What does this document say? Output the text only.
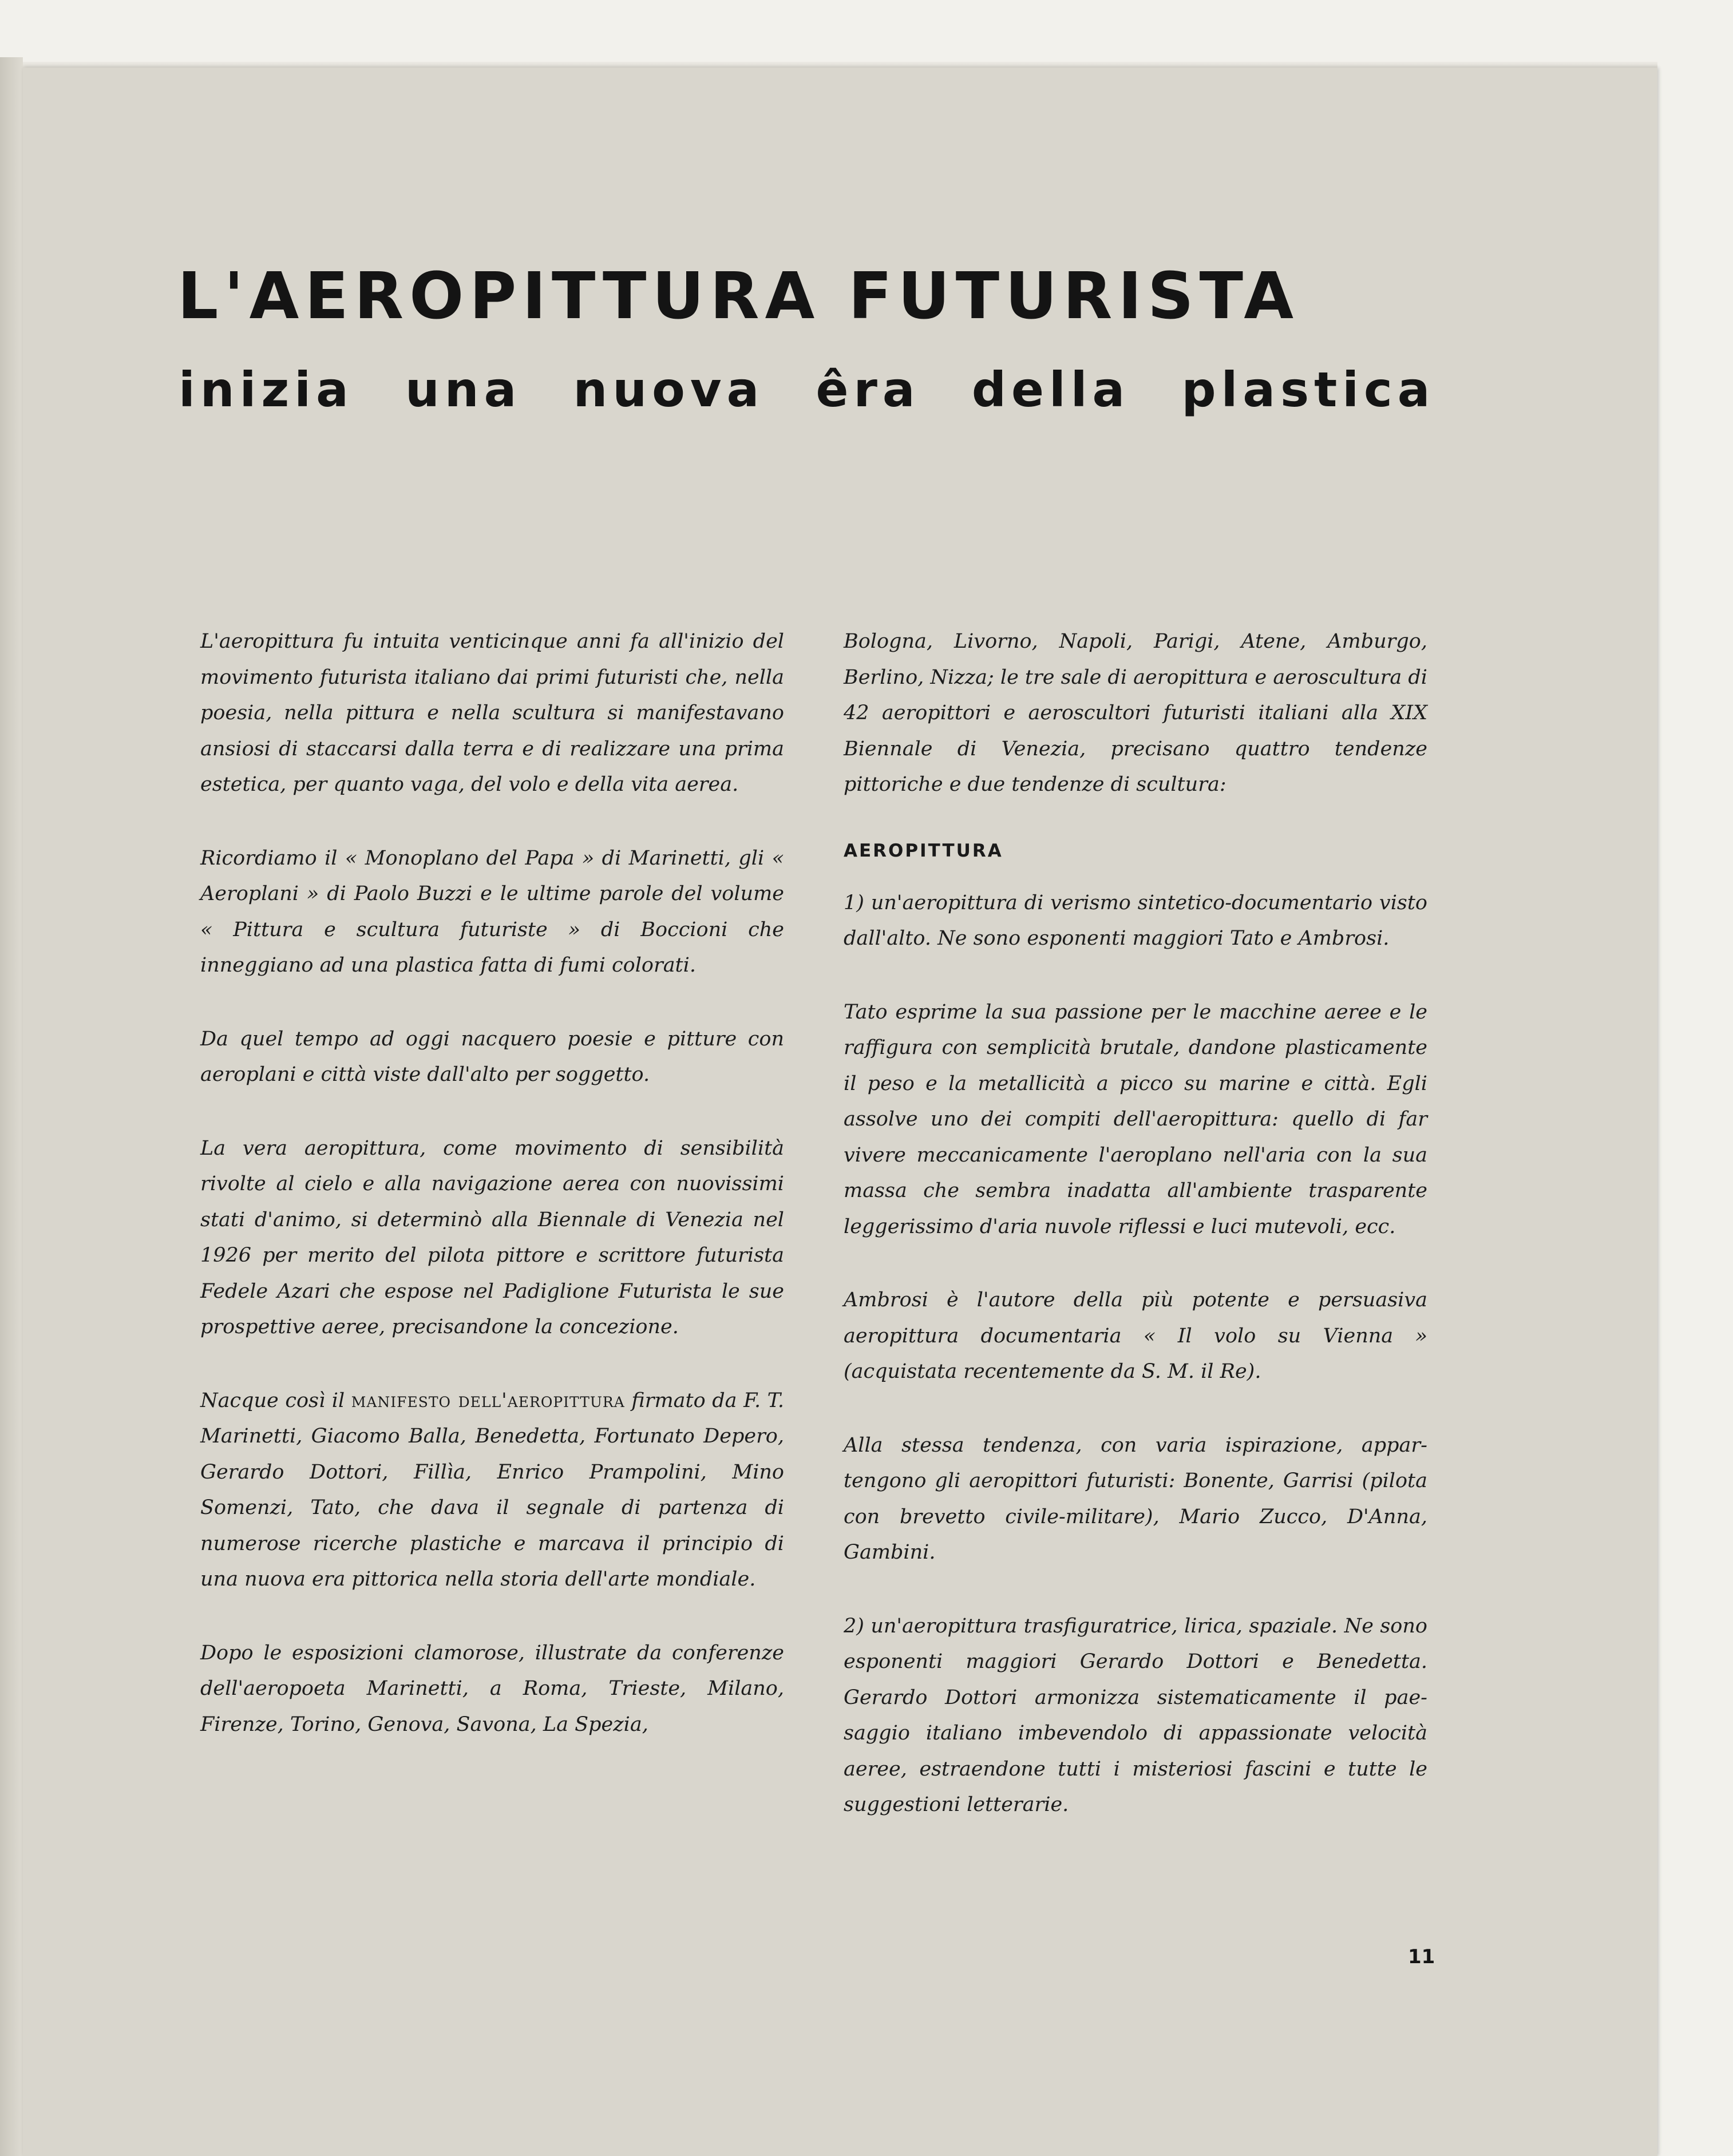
L'AEROPITTURA FUTURISTA
inizia una nuova êra della plastica

L'aeropittura fu intuita venticinque anni fa all'inizio del movimento futurista italiano dai primi futuristi che, nella poesia, nella pittura e nella scultura si manifestavano ansiosi di staccarsi dalla terra e di realizzare una prima estetica, per quanto vaga, del volo e della vita aerea.

Ricordiamo il « Monoplano del Papa » di Marinetti, gli « Aeroplani » di Paolo Buzzi e le ultime parole del volume « Pittura e scultura futuriste » di Boccioni che inneggiano ad una plastica fatta di fumi colorati.

Da quel tempo ad oggi nacquero poesie e pitture con aeroplani e città viste dall'alto per soggetto.

La vera aeropittura, come movimento di sensibilità rivolte al cielo e alla navigazione aerea con nuovissimi stati d'animo, si determinò alla Biennale di Venezia nel 1926 per merito del pilota pittore e scrittore futurista Fedele Azari che espose nel Padiglione Futurista le sue prospettive aeree, precisandone la concezione.

Nacque così il manifesto dell'aeropittura firmato da F. T. Marinetti, Giacomo Balla, Benedetta, Fortunato Depero, Gerardo Dottori, Fillìa, Enrico Prampolini, Mino Somenzi, Tato, che dava il segnale di partenza di numerose ricerche plastiche e marcava il principio di una nuova era pittorica nella storia dell'arte mondiale.

Dopo le esposizioni clamorose, illustrate da conferenze dell'aeropoeta Marinetti, a Roma, Trieste, Milano, Firenze, Torino, Genova, Savona, La Spezia,

Bologna, Livorno, Napoli, Parigi, Atene, Amburgo, Berlino, Nizza; le tre sale di aeropittura e aeroscultura di 42 aeropittori e aeroscultori futuristi italiani alla XIX Biennale di Venezia, precisano quattro tendenze pittoriche e due tendenze di scultura:

AEROPITTURA

1) un'aeropittura di verismo sintetico-documentario visto dall'alto. Ne sono esponenti maggiori Tato e Ambrosi.

Tato esprime la sua passione per le macchine aeree e le raffigura con semplicità brutale, dandone plasticamente il peso e la metallicità a picco su marine e città. Egli assolve uno dei compiti dell'aeropittura: quello di far vivere meccanicamente l'aeroplano nell'aria con la sua massa che sembra inadatta all'ambiente trasparente leggerissimo d'aria nuvole riflessi e luci mutevoli, ecc.

Ambrosi è l'autore della più potente e persuasiva aeropittura documentaria « Il volo su Vienna » (acquistata recentemente da S. M. il Re).

Alla stessa tendenza, con varia ispirazione, appartengono gli aeropittori futuristi: Bonente, Garrisi (pilota con brevetto civile-militare), Mario Zucco, D'Anna, Gambini.

2) un'aeropittura trasfiguratrice, lirica, spaziale. Ne sono esponenti maggiori Gerardo Dottori e Benedetta. Gerardo Dottori armonizza sistematicamente il paesaggio italiano imbevendolo di appassionate velocità aeree, estraendone tutti i misteriosi fascini e tutte le suggestioni letterarie.

11
